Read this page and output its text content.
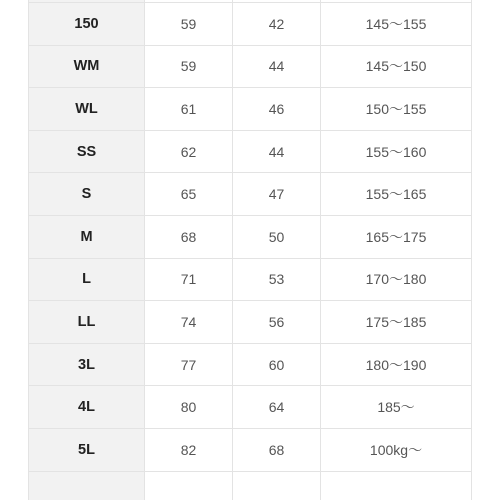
150	59	42	145〜155
WM	59	44	145〜150
WL	61	46	150〜155
SS	62	44	155〜160
S	65	47	155〜165
M	68	50	165〜175
L	71	53	170〜180
LL	74	56	175〜185
3L	77	60	180〜190
4L	80	64	185〜
5L	82	68	100kg〜
